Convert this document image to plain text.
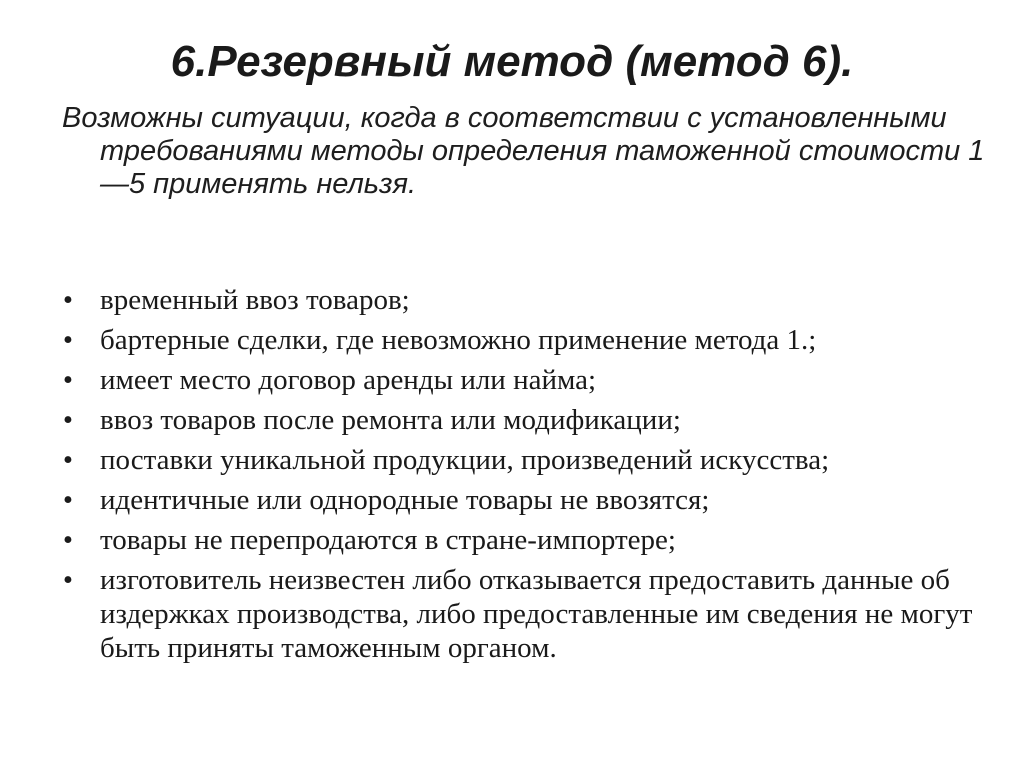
6.Резервный метод (метод 6).

Возможны ситуации, когда в соответствии с установленными требованиями методы определения таможенной стоимости 1—5 применять нельзя.

• временный ввоз товаров;
• бартерные сделки, где невозможно применение метода 1.;
• имеет место договор аренды или найма;
• ввоз товаров после ремонта или модификации;
• поставки уникальной продукции, произведений искусства;
• идентичные или однородные товары не ввозятся;
• товары не перепродаются в стране-импортере;
• изготовитель неизвестен либо отказывается предоставить данные об издержках производства, либо предоставленные им сведения не могут быть приняты таможенным органом.
